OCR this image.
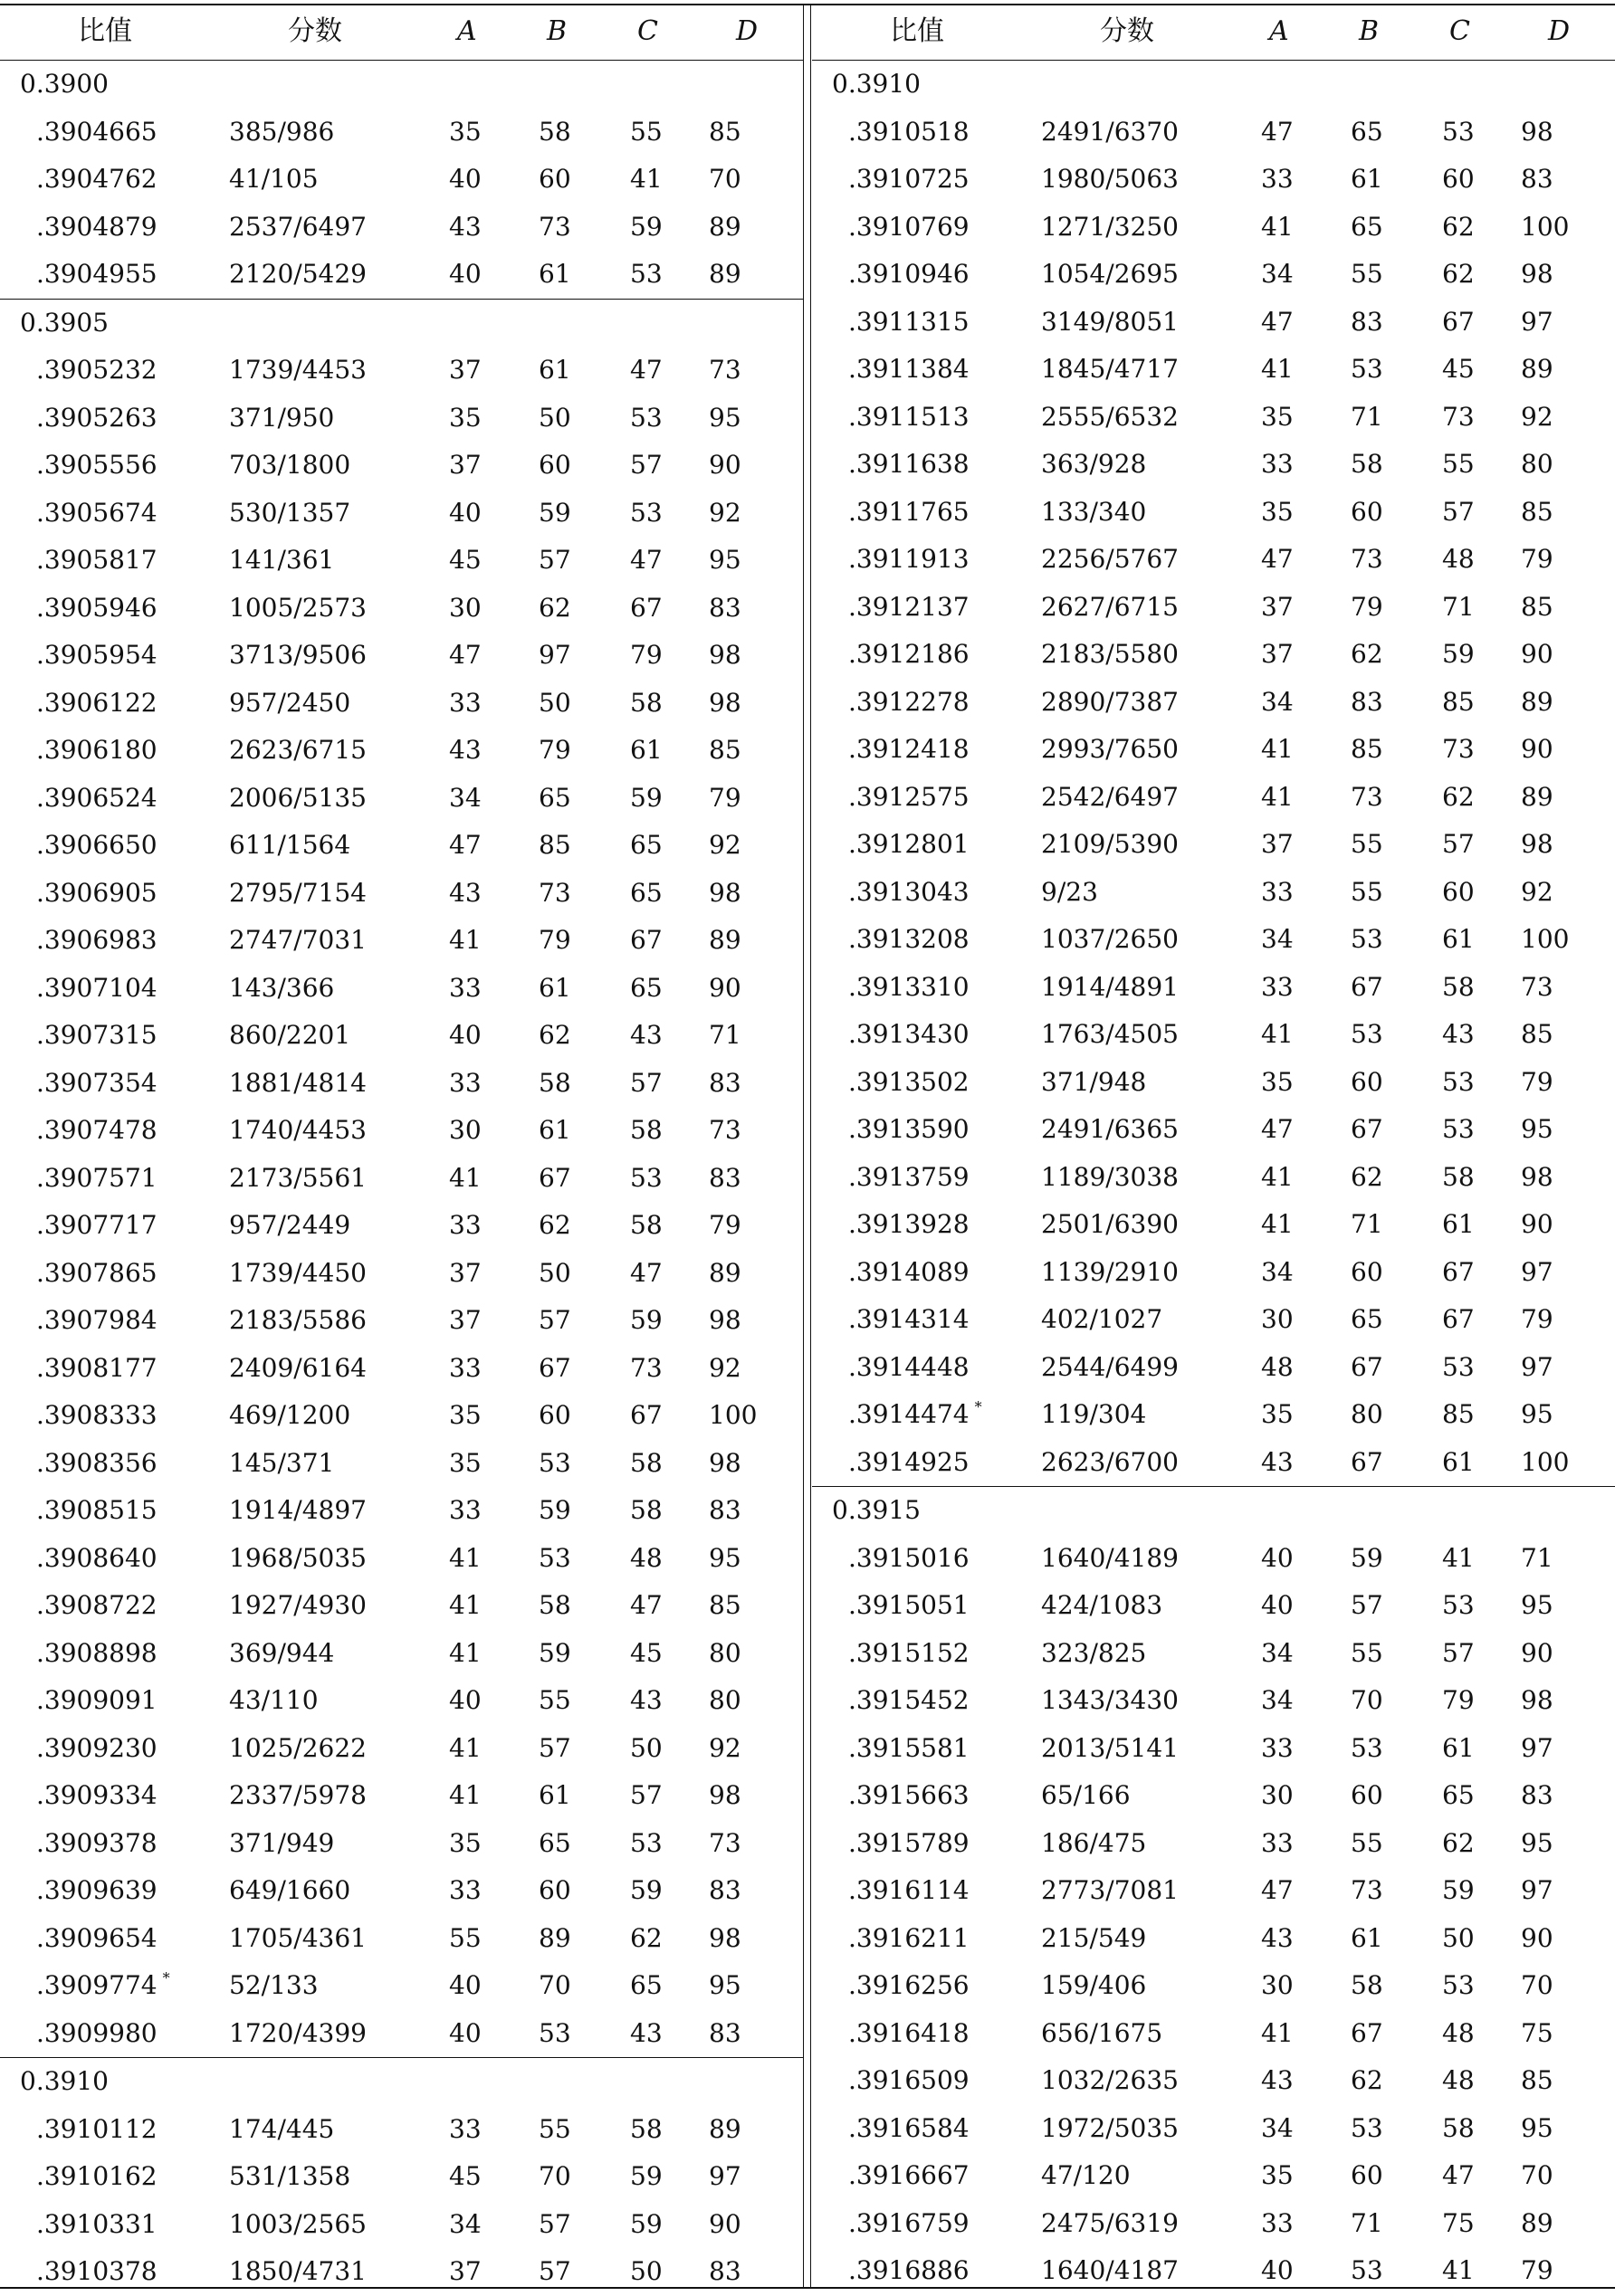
比值	分数	A	B	C	D
0.3900
.3904665	385/986	35 58 55 85
.3904762	41/105	40 60 41 70
.3904879	2537/6497	43 73 59 89
.3904955	2120/5429	40 61 53 89
0.3905
.3905232	1739/4453	37 61 47 73
.3905263	371/950	35 50 53 95
.3905556	703/1800	37 60 57 90
.3905674	530/1357	40 59 53 92
.3905817	141/361	45 57 47 95
.3905946	1005/2573	30 62 67 83
.3905954	3713/9506	47 97 79 98
.3906122	957/2450	33 50 58 98
.3906180	2623/6715	43 79 61 85
.3906524	2006/5135	34 65 59 79
.3906650	611/1564	47 85 65 92
.3906905	2795/7154	43 73 65 98
.3906983	2747/7031	41 79 67 89
.3907104	143/366	33 61 65 90
.3907315	860/2201	40 62 43 71
.3907354	1881/4814	33 58 57 83
.3907478	1740/4453	30 61 58 73
.3907571	2173/5561	41 67 53 83
.3907717	957/2449	33 62 58 79
.3907865	1739/4450	37 50 47 89
.3907984	2183/5586	37 57 59 98
.3908177	2409/6164	33 67 73 92
.3908333	469/1200	35 60 67 100
.3908356	145/371	35 53 58 98
.3908515	1914/4897	33 59 58 83
.3908640	1968/5035	41 53 48 95
.3908722	1927/4930	41 58 47 85
.3908898	369/944	41 59 45 80
.3909091	43/110	40 55 43 80
.3909230	1025/2622	41 57 50 92
.3909334	2337/5978	41 61 57 98
.3909378	371/949	35 65 53 73
.3909639	649/1660	33 60 59 83
.3909654	1705/4361	55 89 62 98
.3909774 * 52/133	40 70 65 95
.3909980	1720/4399	40 53 43 83
0.3910
.3910112	174/445	33 55 58 89
.3910162	531/1358	45 70 59 97
.3910331	1003/2565	34 57 59 90
.3910378	1850/4731	37 57 50 83
比值	分数	A	B	C	D
0.3910
.3910518	2491/6370	47 65 53 98
.3910725	1980/5063	33 61 60 83
.3910769	1271/3250	41 65 62 100
.3910946	1054/2695	34 55 62 98
.3911315	3149/8051	47 83 67 97
.3911384	1845/4717	41 53 45 89
.3911513	2555/6532	35 71 73 92
.3911638	363/928	33 58 55 80
.3911765	133/340	35 60 57 85
.3911913	2256/5767	47 73 48 79
.3912137	2627/6715	37 79 71 85
.3912186	2183/5580	37 62 59 90
.3912278	2890/7387	34 83 85 89
.3912418	2993/7650	41 85 73 90
.3912575	2542/6497	41 73 62 89
.3912801	2109/5390	37 55 57 98
.3913043	9/23	33 55 60 92
.3913208	1037/2650	34 53 61 100
.3913310	1914/4891	33 67 58 73
.3913430	1763/4505	41 53 43 85
.3913502	371/948	35 60 53 79
.3913590	2491/6365	47 67 53 95
.3913759	1189/3038	41 62 58 98
.3913928	2501/6390	41 71 61 90
.3914089	1139/2910	34 60 67 97
.3914314	402/1027	30 65 67 79
.3914448	2544/6499	48 67 53 97
.3914474 * 119/304	35 80 85 95
.3914925	2623/6700	43 67 61 100
0.3915
.3915016	1640/4189	40 59 41 71
.3915051	424/1083	40 57 53 95
.3915152	323/825	34 55 57 90
.3915452	1343/3430	34 70 79 98
.3915581	2013/5141	33 53 61 97
.3915663	65/166	30 60 65 83
.3915789	186/475	33 55 62 95
.3916114	2773/7081	47 73 59 97
.3916211	215/549	43 61 50 90
.3916256	159/406	30 58 53 70
.3916418	656/1675	41 67 48 75
.3916509	1032/2635	43 62 48 85
.3916584	1972/5035	34 53 58 95
.3916667	47/120	35 60 47 70
.3916759	2475/6319	33 71 75 89
.3916886	1640/4187	40 53 41 79
